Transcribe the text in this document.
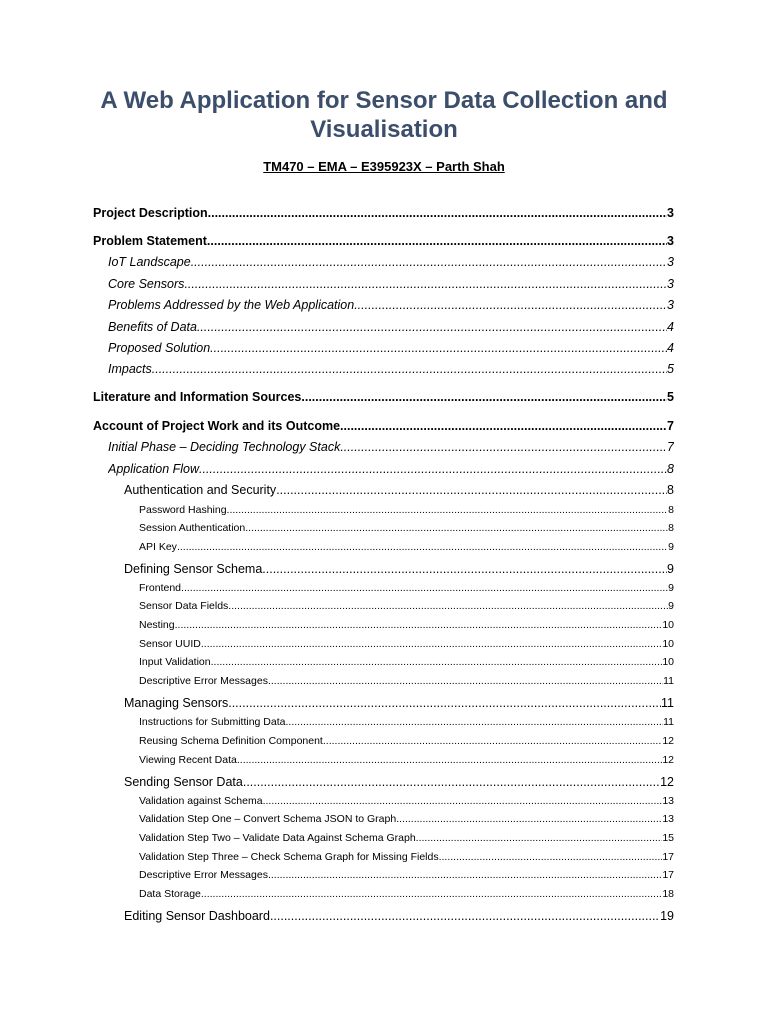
A Web Application for Sensor Data Collection and Visualisation

TM470 – EMA – E395923X – Parth Shah

Project Description .....	3
Problem Statement .....	3
IoT Landscape .....	3
Core Sensors .....	3
Problems Addressed by the Web Application .....	3
Benefits of Data .....	4
Proposed Solution .....	4
Impacts .....	5
Literature and Information Sources .....	5
Account of Project Work and its Outcome .....	7
Initial Phase – Deciding Technology Stack .....	7
Application Flow .....	8
Authentication and Security .....	8
Password Hashing .....	8
Session Authentication .....	8
API Key .....	9
Defining Sensor Schema .....	9
Frontend .....	9
Sensor Data Fields .....	9
Nesting .....	10
Sensor UUID .....	10
Input Validation .....	10
Descriptive Error Messages .....	11
Managing Sensors .....	11
Instructions for Submitting Data .....	11
Reusing Schema Definition Component .....	12
Viewing Recent Data .....	12
Sending Sensor Data .....	12
Validation against Schema .....	13
Validation Step One – Convert Schema JSON to Graph .....	13
Validation Step Two – Validate Data Against Schema Graph .....	15
Validation Step Three – Check Schema Graph for Missing Fields .....	17
Descriptive Error Messages .....	17
Data Storage .....	18
Editing Sensor Dashboard .....	19
